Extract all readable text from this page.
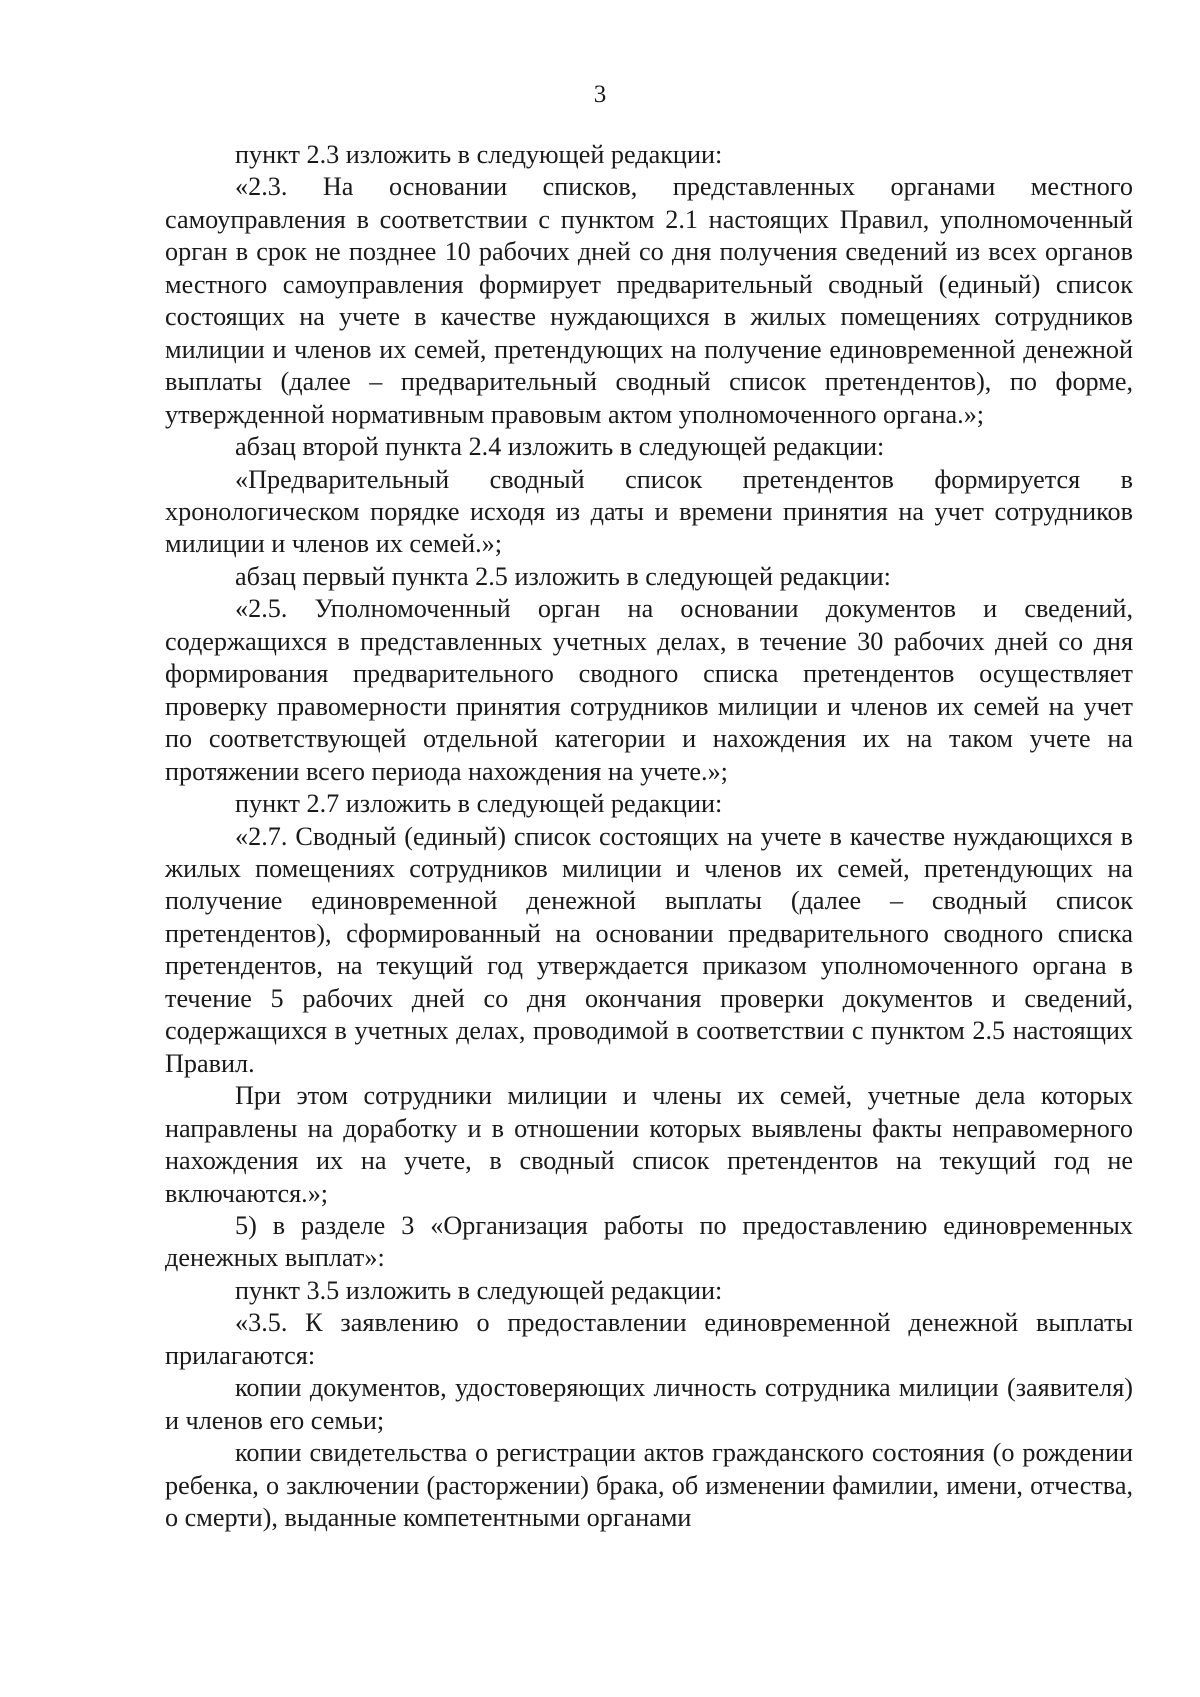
3

пункт 2.3 изложить в следующей редакции:

«2.3. На основании списков, представленных органами местного самоуправления в соответствии с пунктом 2.1 настоящих Правил, уполномоченный орган в срок не позднее 10 рабочих дней со дня получения сведений из всех органов местного самоуправления формирует предварительный сводный (единый) список состоящих на учете в качестве нуждающихся в жилых помещениях сотрудников милиции и членов их семей, претендующих на получение единовременной денежной выплаты (далее – предварительный сводный список претендентов), по форме, утвержденной нормативным правовым актом уполномоченного органа.»;

абзац второй пункта 2.4 изложить в следующей редакции:

«Предварительный сводный список претендентов формируется в хронологическом порядке исходя из даты и времени принятия на учет сотрудников милиции и членов их семей.»;

абзац первый пункта 2.5 изложить в следующей редакции:

«2.5. Уполномоченный орган на основании документов и сведений, содержащихся в представленных учетных делах, в течение 30 рабочих дней со дня формирования предварительного сводного списка претендентов осуществляет проверку правомерности принятия сотрудников милиции и членов их семей на учет по соответствующей отдельной категории и нахождения их на таком учете на протяжении всего периода нахождения на учете.»;

пункт 2.7 изложить в следующей редакции:

«2.7. Сводный (единый) список состоящих на учете в качестве нуждающихся в жилых помещениях сотрудников милиции и членов их семей, претендующих на получение единовременной денежной выплаты (далее – сводный список претендентов), сформированный на основании предварительного сводного списка претендентов, на текущий год утверждается приказом уполномоченного органа в течение 5 рабочих дней со дня окончания проверки документов и сведений, содержащихся в учетных делах, проводимой в соответствии с пунктом 2.5 настоящих Правил.

При этом сотрудники милиции и члены их семей, учетные дела которых направлены на доработку и в отношении которых выявлены факты неправомерного нахождения их на учете, в сводный список претендентов на текущий год не включаются.»;

5) в разделе 3 «Организация работы по предоставлению единовременных денежных выплат»:

пункт 3.5 изложить в следующей редакции:

«3.5. К заявлению о предоставлении единовременной денежной выплаты прилагаются:

копии документов, удостоверяющих личность сотрудника милиции (заявителя) и членов его семьи;

копии свидетельства о регистрации актов гражданского состояния (о рождении ребенка, о заключении (расторжении) брака, об изменении фамилии, имени, отчества, о смерти), выданные компетентными органами
